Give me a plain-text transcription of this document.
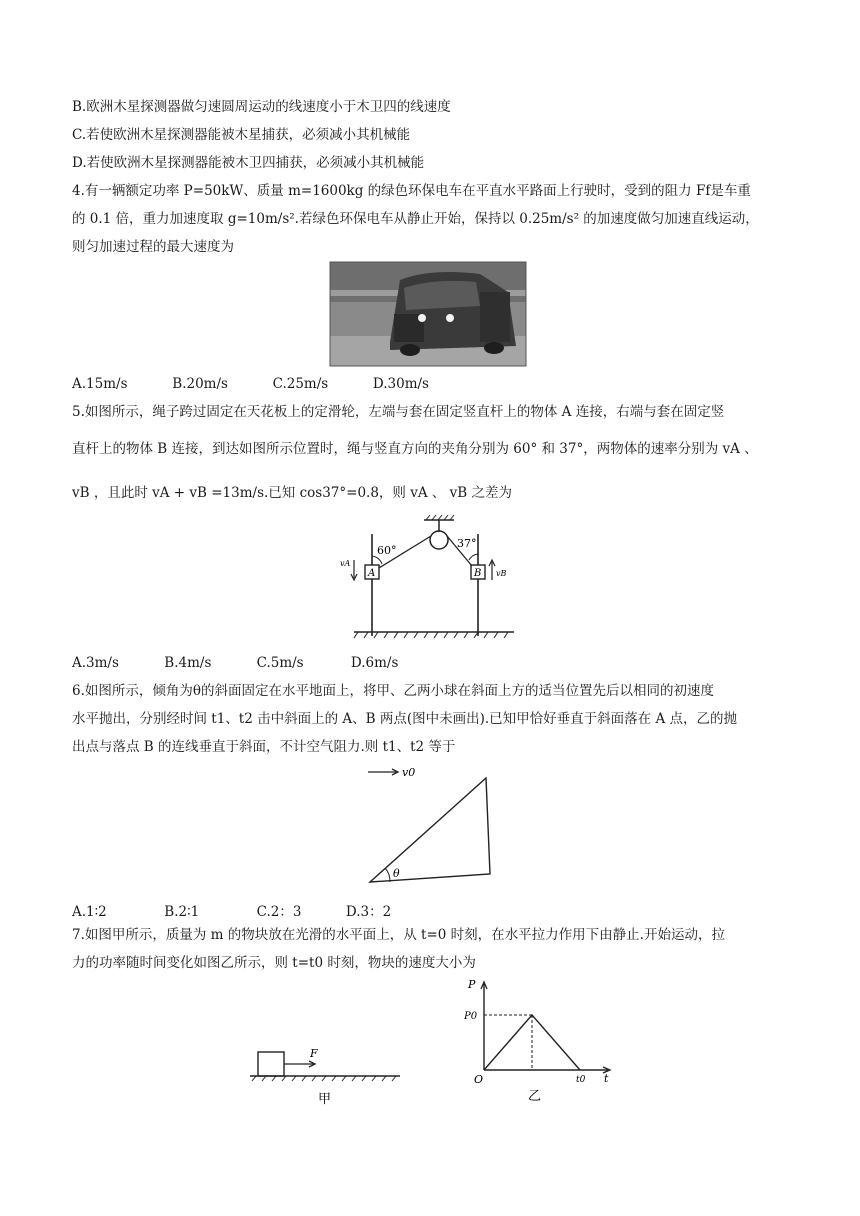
B.欧洲木星探测器做匀速圆周运动的线速度小于木卫四的线速度
C.若使欧洲木星探测器能被木星捕获，必须减小其机械能
D.若使欧洲木星探测器能被木卫四捕获，必须减小其机械能
4.有一辆额定功率 P=50kW、质量 m=1600kg 的绿色环保电车在平直水平路面上行驶时，受到的阻力 Ff是车重
的 0.1 倍，重力加速度取 g=10m/s².若绿色环保电车从静止开始，保持以 0.25m/s² 的加速度做匀加速直线运动，
则匀加速过程的最大速度为
A.15m/s	B.20m/s	C.25m/s	D.30m/s
5.如图所示，绳子跨过固定在天花板上的定滑轮，左端与套在固定竖直杆上的物体 A 连接，右端与套在固定竖
直杆上的物体 B 连接，到达如图所示位置时，绳与竖直方向的夹角分别为 60° 和 37°，两物体的速率分别为 vA 、
vB ，且此时 vA + vB =13m/s.已知 cos37°=0.8，则 vA 、 vB 之差为
60°
37°
A	B
vA
vB
A.3m/s	B.4m/s	C.5m/s	D.6m/s
6.如图所示，倾角为θ的斜面固定在水平地面上，将甲、乙两小球在斜面上方的适当位置先后以相同的初速度
水平抛出，分别经时间 t1、t2 击中斜面上的 A、B 两点(图中未画出).已知甲恰好垂直于斜面落在 A 点，乙的抛
出点与落点 B 的连线垂直于斜面，不计空气阻力.则 t1、t2 等于
v0
θ
A.1∶2	B.2∶1	C.2：3	D.3：2
7.如图甲所示，质量为 m 的物块放在光滑的水平面上，从 t=0 时刻，在水平拉力作用下由静止.开始运动，拉
力的功率随时间变化如图乙所示，则 t=t0 时刻，物块的速度大小为
F
甲
P
t
O
P0
t0
乙
